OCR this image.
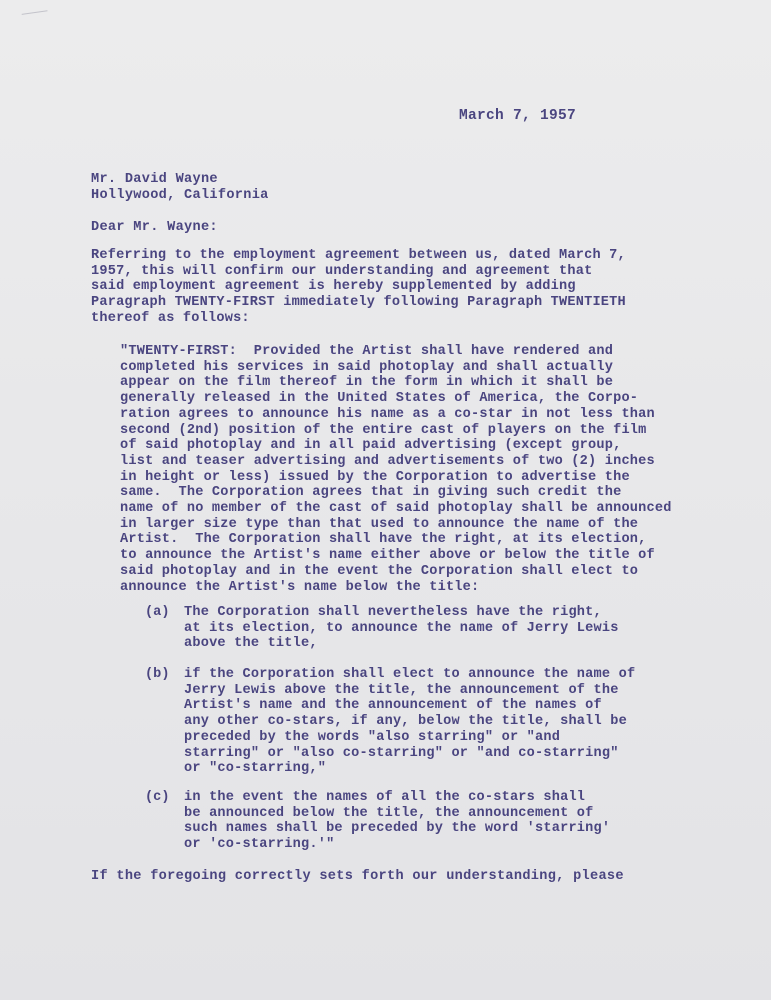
March 7, 1957
Mr. David Wayne
Hollywood, California
Dear Mr. Wayne:
Referring to the employment agreement between us, dated March 7,
1957, this will confirm our understanding and agreement that
said employment agreement is hereby supplemented by adding
Paragraph TWENTY-FIRST immediately following Paragraph TWENTIETH
thereof as follows:
"TWENTY-FIRST:  Provided the Artist shall have rendered and
completed his services in said photoplay and shall actually
appear on the film thereof in the form in which it shall be
generally released in the United States of America, the Corpo-
ration agrees to announce his name as a co-star in not less than
second (2nd) position of the entire cast of players on the film
of said photoplay and in all paid advertising (except group,
list and teaser advertising and advertisements of two (2) inches
in height or less) issued by the Corporation to advertise the
same.  The Corporation agrees that in giving such credit the
name of no member of the cast of said photoplay shall be announced
in larger size type than that used to announce the name of the
Artist.  The Corporation shall have the right, at its election,
to announce the Artist's name either above or below the title of
said photoplay and in the event the Corporation shall elect to
announce the Artist's name below the title:
(a) The Corporation shall nevertheless have the right,
at its election, to announce the name of Jerry Lewis
above the title,
(b) if the Corporation shall elect to announce the name of
Jerry Lewis above the title, the announcement of the
Artist's name and the announcement of the names of
any other co-stars, if any, below the title, shall be
preceded by the words "also starring" or "and
starring" or "also co-starring" or "and co-starring"
or "co-starring,"
(c) in the event the names of all the co-stars shall
be announced below the title, the announcement of
such names shall be preceded by the word 'starring'
or 'co-starring.'"
If the foregoing correctly sets forth our understanding, please
